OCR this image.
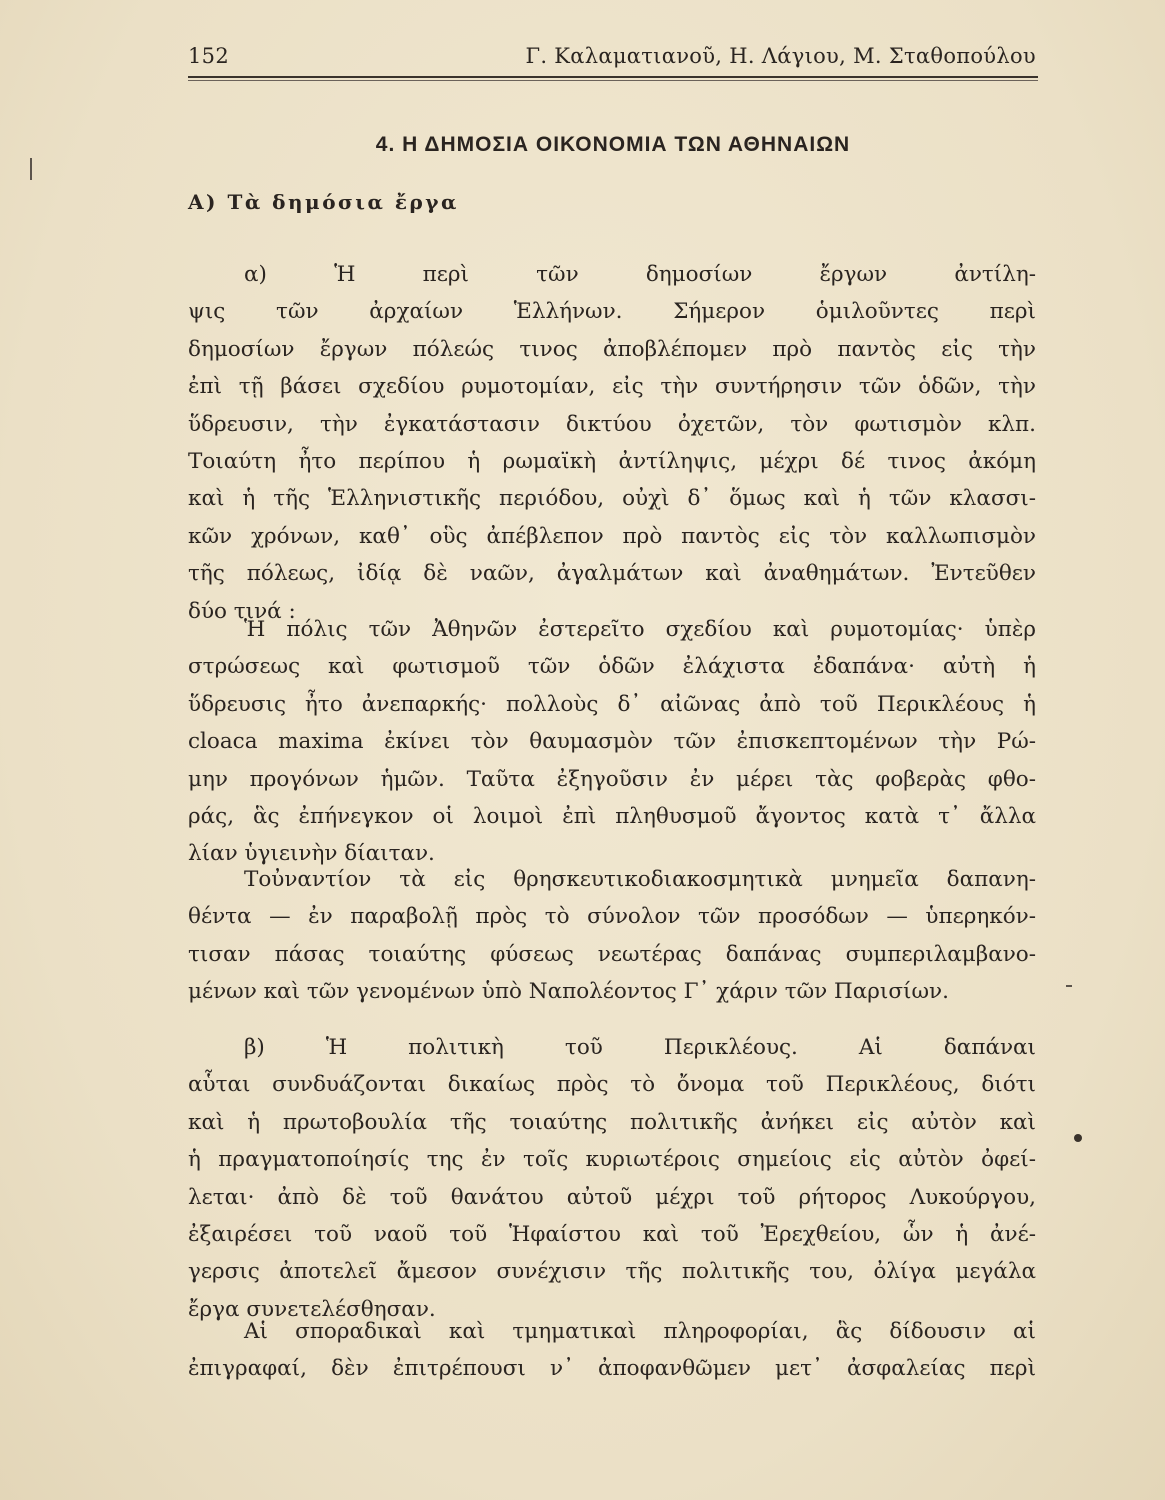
152	Γ. Καλαματιανοῦ, Η. Λάγιου, Μ. Σταθοπούλου
4. Η ΔΗΜΟΣΙΑ ΟΙΚΟΝΟΜΙΑ ΤΩΝ ΑΘΗΝΑΙΩΝ
Α) Τὰ δημόσια ἔργα
α) Ἡ περὶ τῶν δημοσίων ἔργων ἀντίλη-
ψις τῶν ἀρχαίων Ἑλλήνων. Σήμερον ὁμιλοῦντες περὶ
δημοσίων ἔργων πόλεώς τινος ἀποβλέπομεν πρὸ παντὸς εἰς τὴν
ἐπὶ τῇ βάσει σχεδίου ρυμοτομίαν, εἰς τὴν συντήρησιν τῶν ὁδῶν, τὴν
ὕδρευσιν, τὴν ἐγκατάστασιν δικτύου ὀχετῶν, τὸν φωτισμὸν κλπ.
Τοιαύτη ἦτο περίπου ἡ ρωμαϊκὴ ἀντίληψις, μέχρι δέ τινος ἀκόμη
καὶ ἡ τῆς Ἑλληνιστικῆς περιόδου, οὐχὶ δ᾽ ὅμως καὶ ἡ τῶν κλασσι-
κῶν χρόνων, καθ᾽ οὓς ἀπέβλεπον πρὸ παντὸς εἰς τὸν καλλωπισμὸν
τῆς πόλεως, ἰδίᾳ δὲ ναῶν, ἀγαλμάτων καὶ ἀναθημάτων. Ἐντεῦθεν
δύο τινά :
Ἡ πόλις τῶν Ἀθηνῶν ἐστερεῖτο σχεδίου καὶ ρυμοτομίας· ὑπὲρ
στρώσεως καὶ φωτισμοῦ τῶν ὁδῶν ἐλάχιστα ἐδαπάνα· αὐτὴ ἡ
ὕδρευσις ἦτο ἀνεπαρκής· πολλοὺς δ᾽ αἰῶνας ἀπὸ τοῦ Περικλέους ἡ
cloaca maxima ἐκίνει τὸν θαυμασμὸν τῶν ἐπισκεπτομένων τὴν Ρώ-
μην προγόνων ἡμῶν. Ταῦτα ἐξηγοῦσιν ἐν μέρει τὰς φοβερὰς φθο-
ράς, ἃς ἐπήνεγκον οἱ λοιμοὶ ἐπὶ πληθυσμοῦ ἄγοντος κατὰ τ᾽ ἄλλα
λίαν ὑγιεινὴν δίαιταν.
Τοὐναντίον τὰ εἰς θρησκευτικοδιακοσμητικὰ μνημεῖα δαπανη-
θέντα — ἐν παραβολῇ πρὸς τὸ σύνολον τῶν προσόδων — ὑπερηκόν-
τισαν πάσας τοιαύτης φύσεως νεωτέρας δαπάνας συμπεριλαμβανο-
μένων καὶ τῶν γενομένων ὑπὸ Ναπολέοντος Γ᾽ χάριν τῶν Παρισίων.
β) Ἡ πολιτικὴ τοῦ Περικλέους. Αἱ δαπάναι
αὗται συνδυάζονται δικαίως πρὸς τὸ ὄνομα τοῦ Περικλέους, διότι
καὶ ἡ πρωτοβουλία τῆς τοιαύτης πολιτικῆς ἀνήκει εἰς αὐτὸν καὶ
ἡ πραγματοποίησίς της ἐν τοῖς κυριωτέροις σημείοις εἰς αὐτὸν ὀφεί-
λεται· ἀπὸ δὲ τοῦ θανάτου αὐτοῦ μέχρι τοῦ ρήτορος Λυκούργου,
ἐξαιρέσει τοῦ ναοῦ τοῦ Ἡφαίστου καὶ τοῦ Ἐρεχθείου, ὧν ἡ ἀνέ-
γερσις ἀποτελεῖ ἄμεσον συνέχισιν τῆς πολιτικῆς του, ὀλίγα μεγάλα
ἔργα συνετελέσθησαν.
Αἱ σποραδικαὶ καὶ τμηματικαὶ πληροφορίαι, ἃς δίδουσιν αἱ
ἐπιγραφαί, δὲν ἐπιτρέπουσι ν᾽ ἀποφανθῶμεν μετ᾽ ἀσφαλείας περὶ
